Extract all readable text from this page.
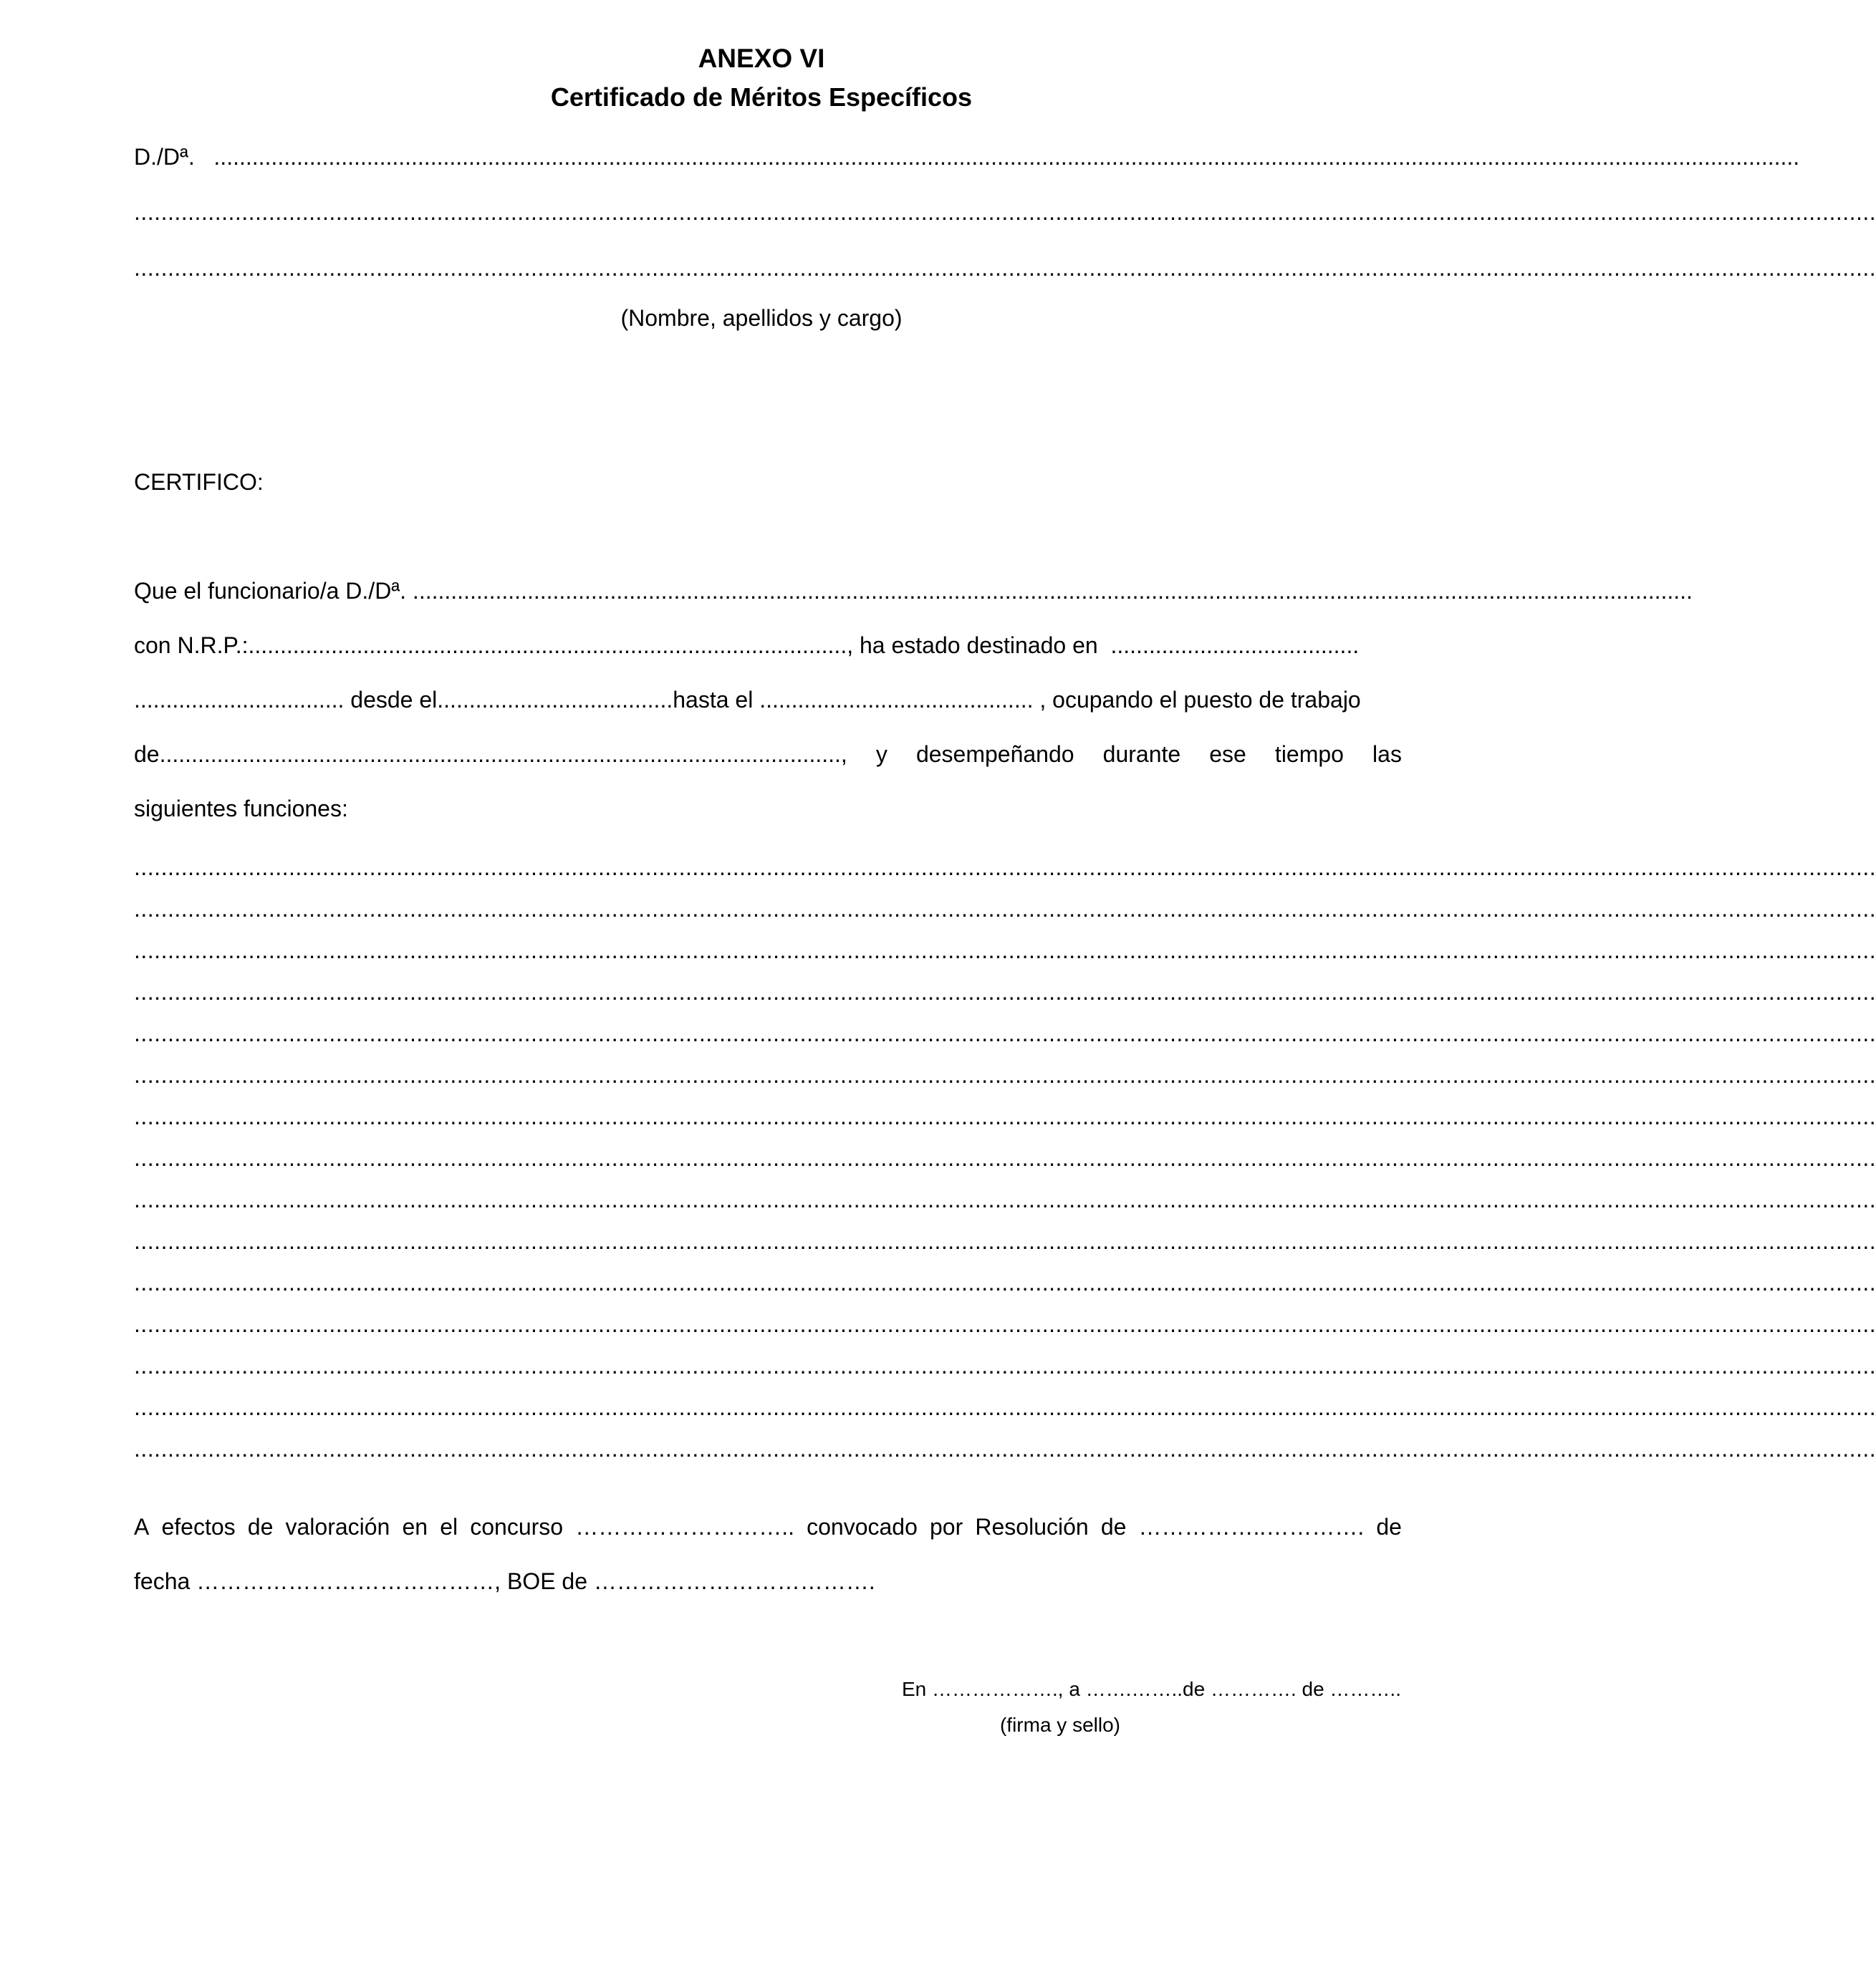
ANEXO VI
Certificado de Méritos Específicos
D./Dª.   .........................................................................................................................................................................................................................................................
...................................................................................................................................................................................................................................................................
...................................................................................................................................................................................................................................................................
(Nombre, apellidos y cargo)
CERTIFICO:
Que el funcionario/a D./Dª. .........................................................................................................................................................................................................
con N.R.P.:.............................................................................................., ha estado destinado en  .......................................
................................. desde el.....................................hasta el ........................................... , ocupando el puesto de trabajo
de..........................................................................................................., y desempeñando durante ese tiempo las
siguientes funciones:
...................................................................................................................................................................................................................................................................
...................................................................................................................................................................................................................................................................
...................................................................................................................................................................................................................................................................
...................................................................................................................................................................................................................................................................
...................................................................................................................................................................................................................................................................
...................................................................................................................................................................................................................................................................
...................................................................................................................................................................................................................................................................
...................................................................................................................................................................................................................................................................
...................................................................................................................................................................................................................................................................
...................................................................................................................................................................................................................................................................
...................................................................................................................................................................................................................................................................
...................................................................................................................................................................................................................................................................
...................................................................................................................................................................................................................................................................
...................................................................................................................................................................................................................................................................
...................................................................................................................................................................................................................................................................
A efectos de valoración en el concurso ……………………….. convocado por Resolución de ……………..…………. de
fecha …………………………………, BOE de ……………………………….
En ………………., a …….……..de …………. de ………..
(firma y sello)
